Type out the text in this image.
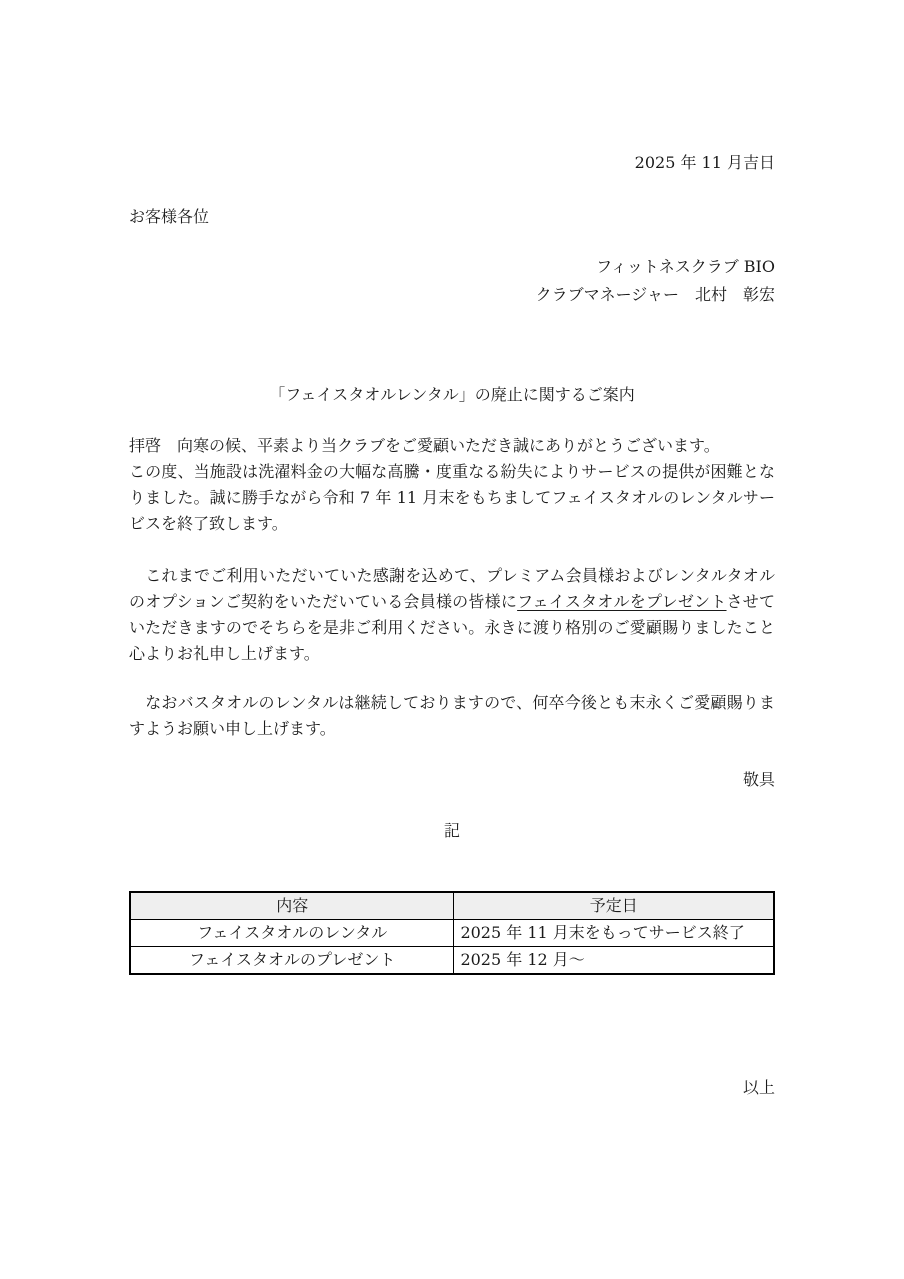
2025 年 11 月吉日
お客様各位
フィットネスクラブ BIO
クラブマネージャー　北村　彰宏
「フェイスタオルレンタル」の廃止に関するご案内
拝啓　向寒の候、平素より当クラブをご愛顧いただき誠にありがとうございます。
この度、当施設は洗濯料金の大幅な高騰・度重なる紛失によりサービスの提供が困難となりました。誠に勝手ながら令和 7 年 11 月末をもちましてフェイスタオルのレンタルサービスを終了致します。
　これまでご利用いただいていた感謝を込めて、プレミアム会員様およびレンタルタオルのオプションご契約をいただいている会員様の皆様にフェイスタオルをプレゼントさせていただきますのでそちらを是非ご利用ください。永きに渡り格別のご愛顧賜りましたこと心よりお礼申し上げます。
　なおバスタオルのレンタルは継続しておりますので、何卒今後とも末永くご愛顧賜りますようお願い申し上げます。
敬具
記
内容	予定日
フェイスタオルのレンタル	2025 年 11 月末をもってサービス終了
フェイスタオルのプレゼント	2025 年 12 月～
以上
